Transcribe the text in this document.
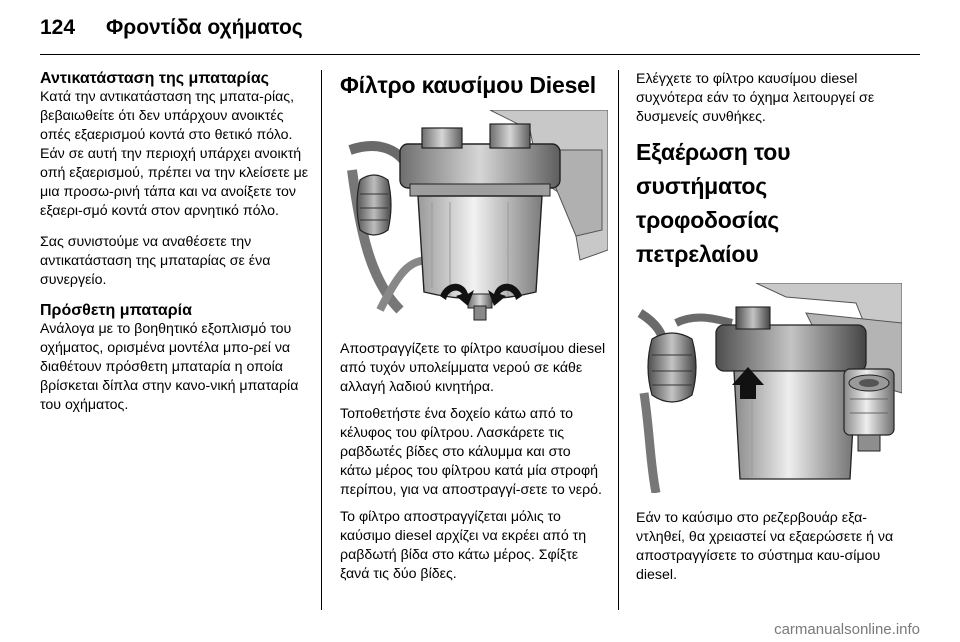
124 Φροντίδα οχήματος
Αντικατάσταση της μπαταρίας

Κατά την αντικατάσταση της μπατα-ρίας, βεβαιωθείτε ότι δεν υπάρχουν ανοικτές οπές εξαερισμού κοντά στο θετικό πόλο. Εάν σε αυτή την περιοχή υπάρχει ανοικτή οπή εξαερισμού, πρέπει να την κλείσετε με μια προσω-ρινή τάπα και να ανοίξετε τον εξαερι-σμό κοντά στον αρνητικό πόλο.

Σας συνιστούμε να αναθέσετε την αντικατάσταση της μπαταρίας σε ένα συνεργείο.

Πρόσθετη μπαταρία

Ανάλογα με το βοηθητικό εξοπλισμό του οχήματος, ορισμένα μοντέλα μπο-ρεί να διαθέτουν πρόσθετη μπαταρία η οποία βρίσκεται δίπλα στην κανο-νική μπαταρία του οχήματος.

Φίλτρο καυσίμου Diesel

Αποστραγγίζετε το φίλτρο καυσίμου diesel από τυχόν υπολείμματα νερού σε κάθε αλλαγή λαδιού κινητήρα.

Τοποθετήστε ένα δοχείο κάτω από το κέλυφος του φίλτρου. Λασκάρετε τις ραβδωτές βίδες στο κάλυμμα και στο κάτω μέρος του φίλτρου κατά μία στροφή περίπου, για να αποστραγγί-σετε το νερό.

Το φίλτρο αποστραγγίζεται μόλις το καύσιμο diesel αρχίζει να εκρέει από τη ραβδωτή βίδα στο κάτω μέρος. Σφίξτε ξανά τις δύο βίδες.

Ελέγχετε το φίλτρο καυσίμου diesel συχνότερα εάν το όχημα λειτουργεί σε δυσμενείς συνθήκες.

Εξαέρωση του συστήματος τροφοδοσίας πετρελαίου

Εάν το καύσιμο στο ρεζερβουάρ εξα-ντληθεί, θα χρειαστεί να εξαερώσετε ή να αποστραγγίσετε το σύστημα καυ-σίμου diesel.

carmanualsonline.info
